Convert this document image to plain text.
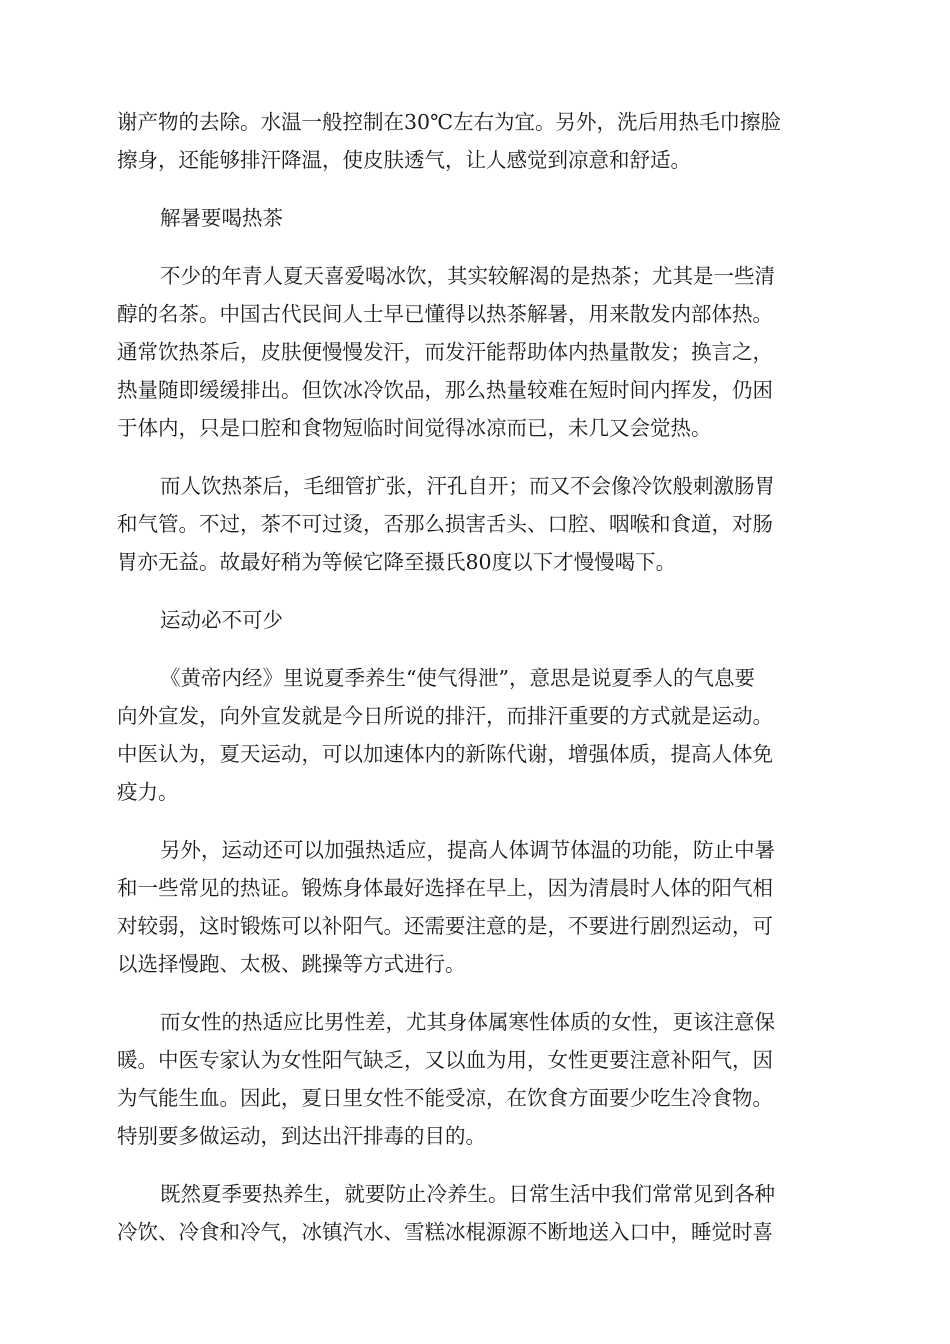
谢产物的去除。水温一般控制在30℃左右为宜。另外，洗后用热毛巾擦脸
擦身，还能够排汗降温，使皮肤透气，让人感觉到凉意和舒适。
解暑要喝热茶
不少的年青人夏天喜爱喝冰饮，其实较解渴的是热茶；尤其是一些清
醇的名茶。中国古代民间人士早已懂得以热茶解暑，用来散发内部体热。
通常饮热茶后，皮肤便慢慢发汗，而发汗能帮助体内热量散发；换言之，
热量随即缓缓排出。但饮冰冷饮品，那么热量较难在短时间内挥发，仍困
于体内，只是口腔和食物短临时间觉得冰凉而已，未几又会觉热。
而人饮热茶后，毛细管扩张，汗孔自开；而又不会像冷饮般刺激肠胃
和气管。不过，茶不可过烫，否那么损害舌头、口腔、咽喉和食道，对肠
胃亦无益。故最好稍为等候它降至摄氏80度以下才慢慢喝下。
运动必不可少
《黄帝内经》里说夏季养生“使气得泄”，意思是说夏季人的气息要
向外宣发，向外宣发就是今日所说的排汗，而排汗重要的方式就是运动。
中医认为，夏天运动，可以加速体内的新陈代谢，增强体质，提高人体免
疫力。
另外，运动还可以加强热适应，提高人体调节体温的功能，防止中暑
和一些常见的热证。锻炼身体最好选择在早上，因为清晨时人体的阳气相
对较弱，这时锻炼可以补阳气。还需要注意的是，不要进行剧烈运动，可
以选择慢跑、太极、跳操等方式进行。
而女性的热适应比男性差，尤其身体属寒性体质的女性，更该注意保
暖。中医专家认为女性阳气缺乏，又以血为用，女性更要注意补阳气，因
为气能生血。因此，夏日里女性不能受凉，在饮食方面要少吃生冷食物。
特别要多做运动，到达出汗排毒的目的。
既然夏季要热养生，就要防止冷养生。日常生活中我们常常见到各种
冷饮、冷食和冷气，冰镇汽水、雪糕冰棍源源不断地送入口中，睡觉时喜
